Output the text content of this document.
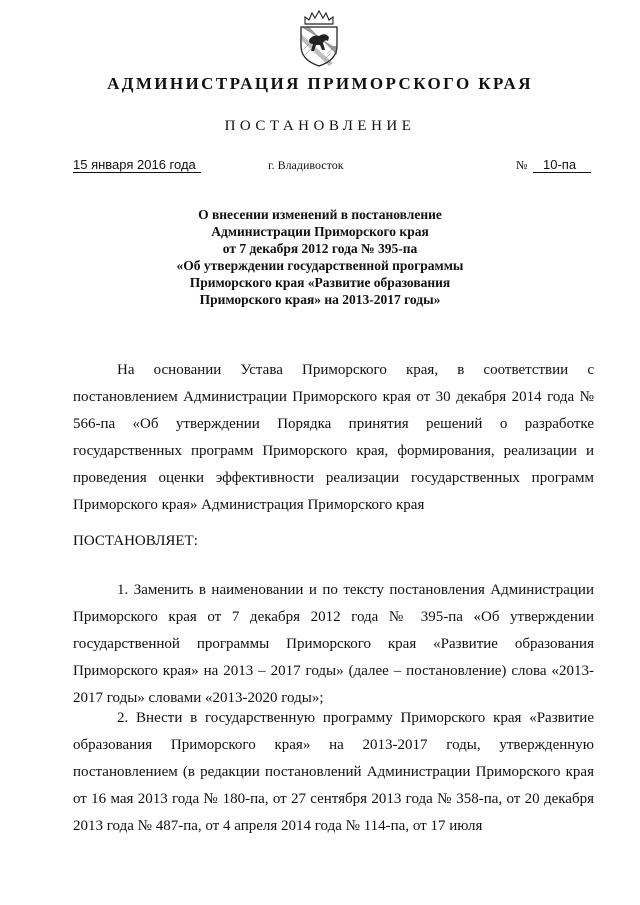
АДМИНИСТРАЦИЯ ПРИМОРСКОГО КРАЯ
ПОСТАНОВЛЕНИЕ
15 января 2016 года	г. Владивосток	№	10-па
О внесении изменений в постановление
Администрации Приморского края
от 7 декабря 2012 года № 395-па
«Об утверждении государственной программы
Приморского края «Развитие образования
Приморского края» на 2013-2017 годы»
На основании Устава Приморского края, в соответствии с постановлением Администрации Приморского края от 30 декабря 2014 года № 566-па «Об утверждении Порядка принятия решений о разработке государственных программ Приморского края, формирования, реализации и проведения оценки эффективности реализации государственных программ Приморского края» Администрация Приморского края
ПОСТАНОВЛЯЕТ:
1. Заменить в наименовании и по тексту постановления Администрации Приморского края от 7 декабря 2012 года № 395-па «Об утверждении государственной программы Приморского края «Развитие образования Приморского края» на 2013 – 2017 годы» (далее – постановление) слова «2013-2017 годы» словами «2013-2020 годы»;
2. Внести в государственную программу Приморского края «Развитие образования Приморского края» на 2013-2017 годы, утвержденную постановлением (в редакции постановлений Администрации Приморского края от 16 мая 2013 года № 180-па, от 27 сентября 2013 года № 358-па, от 20 декабря 2013 года № 487-па, от 4 апреля 2014 года № 114-па, от 17 июля
